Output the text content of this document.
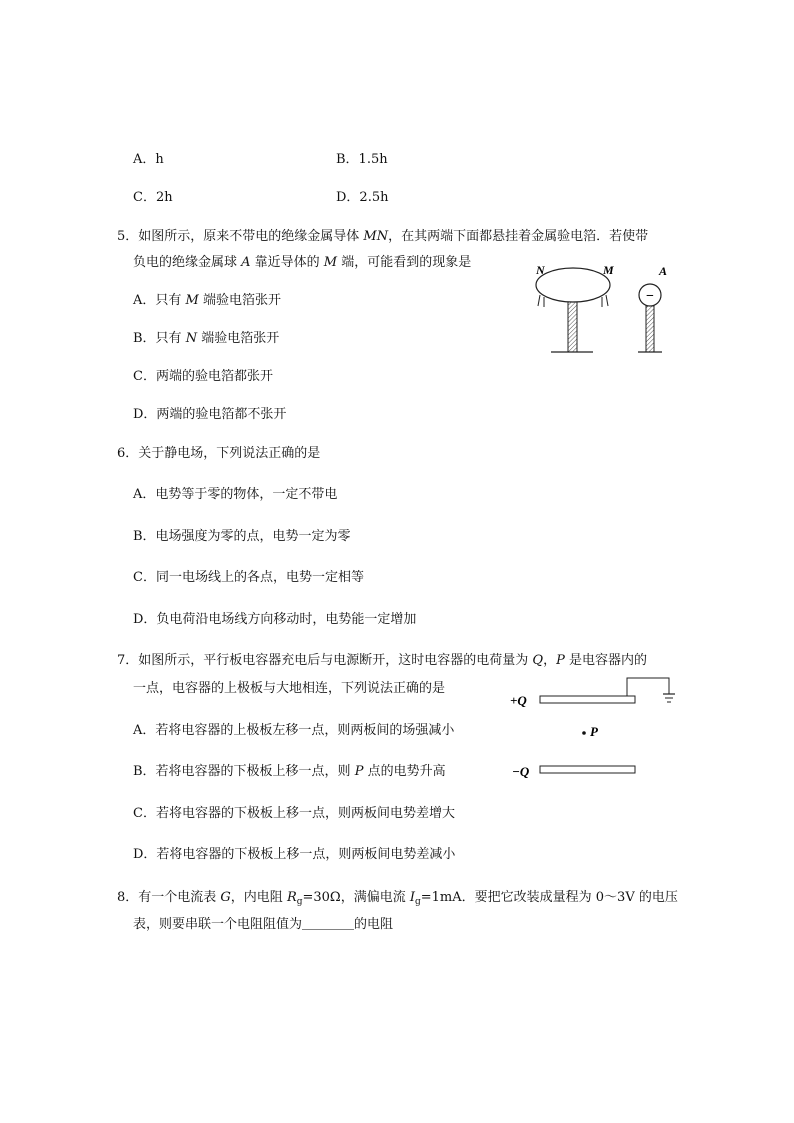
A．h	B．1.5h
C．2h	D．2.5h
5．如图所示，原来不带电的绝缘金属导体 MN，在其两端下面都悬挂着金属验电箔．若使带
负电的绝缘金属球 A 靠近导体的 M 端，可能看到的现象是
A．只有 M 端验电箔张开
B．只有 N 端验电箔张开
C．两端的验电箔都张开
D．两端的验电箔都不张开
−
N	M	A
6．关于静电场，下列说法正确的是
A．电势等于零的物体，一定不带电
B．电场强度为零的点，电势一定为零
C．同一电场线上的各点，电势一定相等
D．负电荷沿电场线方向移动时，电势能一定增加
7．如图所示，平行板电容器充电后与电源断开，这时电容器的电荷量为 Q，P 是电容器内的
一点，电容器的上极板与大地相连，下列说法正确的是
A．若将电容器的上极板左移一点，则两板间的场强减小
B．若将电容器的下极板上移一点，则 P 点的电势升高
C．若将电容器的下极板上移一点，则两板间电势差增大
D．若将电容器的下极板上移一点，则两板间电势差减小
+Q
P
−Q
8．有一个电流表 G，内电阻 $R_g=30\Omega$，满偏电流 $I_g=1mA$．要把它改装成量程为 0～3V 的电压
表，则要串联一个电阻阻值为＿＿＿＿的电阻
